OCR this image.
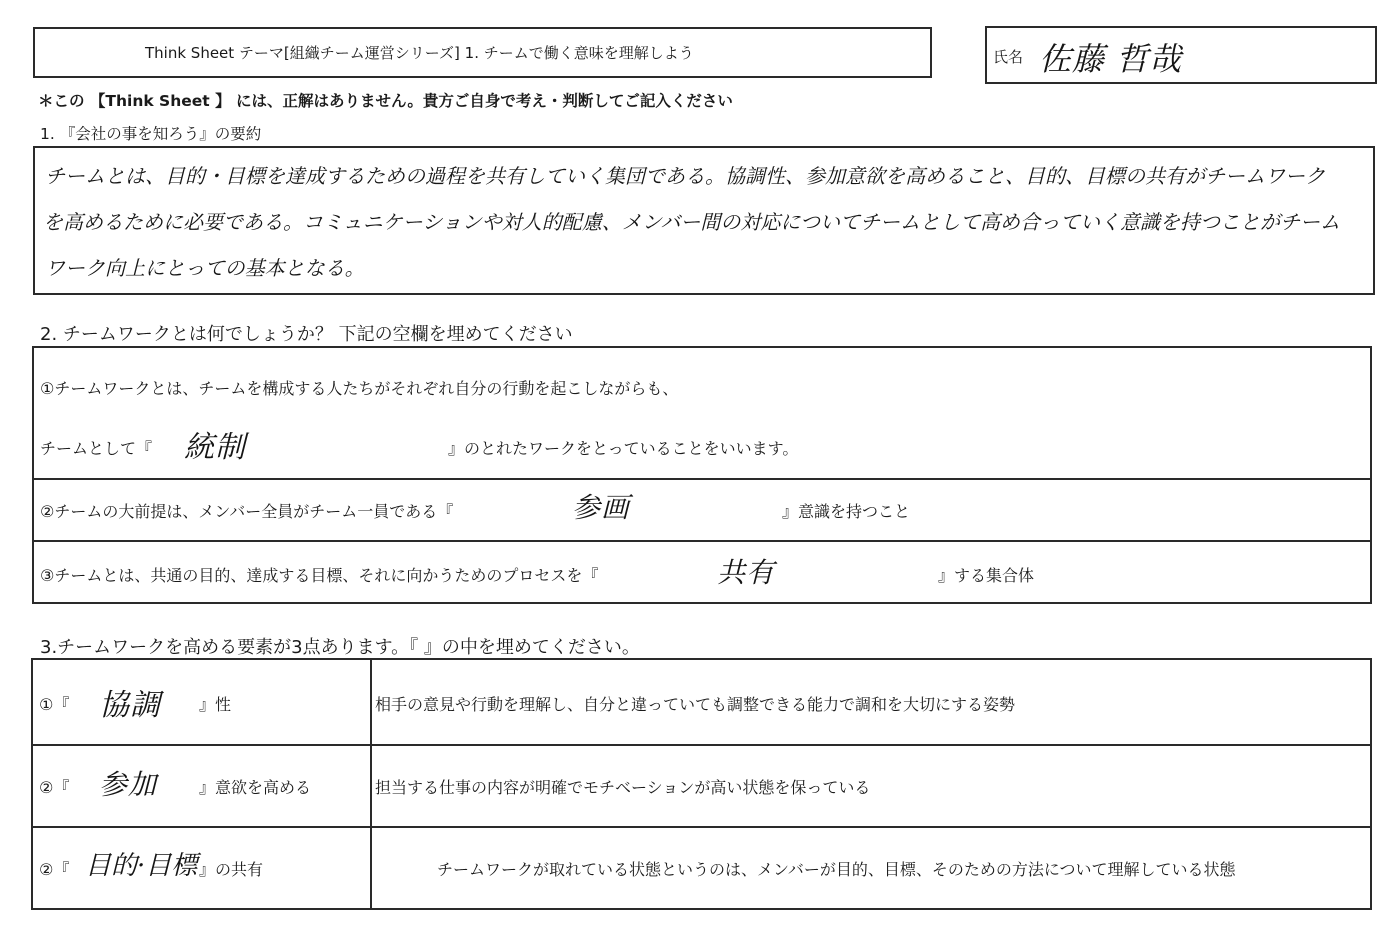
Think Sheet テーマ[組織チーム運営シリーズ] 1. チームで働く意味を理解しよう	氏名 佐藤 哲哉
＊この 【Think Sheet 】 には、正解はありません。貴方ご自身で考え・判断してご記入ください
1. 『会社の事を知ろう』の要約
チームとは、目的・目標を達成するための過程を共有していく集団である。協調性、参加意欲を高めること、目的、目標の共有がチームワーク
を高めるために必要である。コミュニケーションや対人的配慮、メンバー間の対応についてチームとして高め合っていく意識を持つことがチーム
ワーク向上にとっての基本となる。
2. チームワークとは何でしょうか？ 下記の空欄を埋めてください
①チームワークとは、チームを構成する人たちがそれぞれ自分の行動を起こしながらも、
チームとして『 統制	』のとれたワークをとっていることをいいます。
②チームの大前提は、メンバー全員がチーム一員である『	参画	』意識を持つこと
③チームとは、共通の目的、達成する目標、それに向かうためのプロセスを『	共有	』する集合体
3.チームワークを高める要素が3点あります。『 』の中を埋めてください。
①『 協調 』性	相手の意見や行動を理解し、自分と違っていても調整できる能力で調和を大切にする姿勢
②『 参加	』意欲を高める	担当する仕事の内容が明確でモチベーションが高い状態を保っている
②『 目的·目標 』の共有	チームワークが取れている状態というのは、メンバーが目的、目標、そのための方法について理解している状態
